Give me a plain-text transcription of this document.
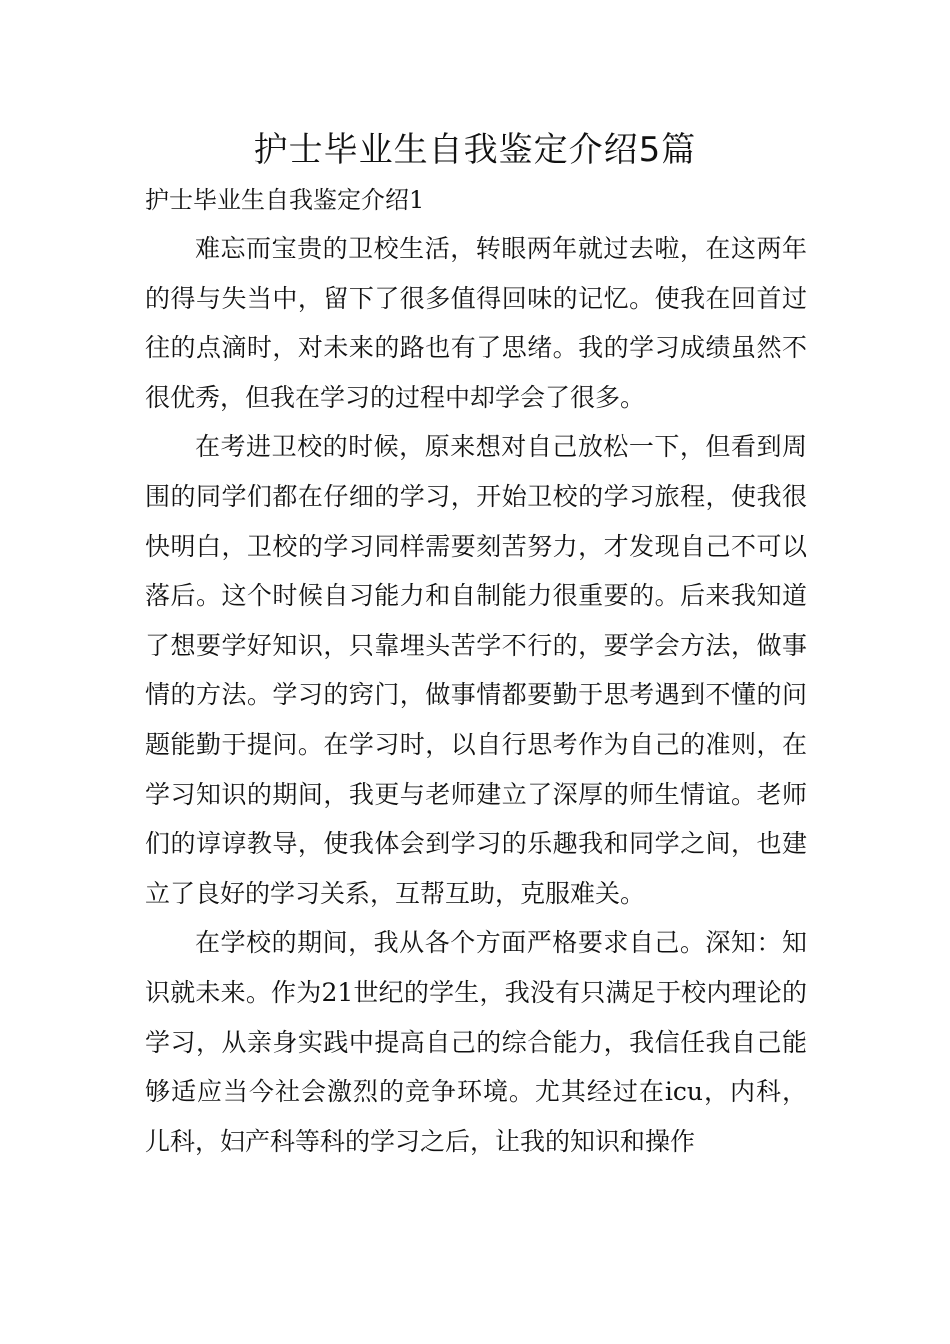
护士毕业生自我鉴定介绍5篇

护士毕业生自我鉴定介绍1

难忘而宝贵的卫校生活，转眼两年就过去啦，在这两年的得与失当中，留下了很多值得回味的记忆。使我在回首过往的点滴时，对未来的路也有了思绪。我的学习成绩虽然不很优秀，但我在学习的过程中却学会了很多。

在考进卫校的时候，原来想对自己放松一下，但看到周围的同学们都在仔细的学习，开始卫校的学习旅程，使我很快明白，卫校的学习同样需要刻苦努力，才发现自己不可以落后。这个时候自习能力和自制能力很重要的。后来我知道了想要学好知识，只靠埋头苦学不行的，要学会方法，做事情的方法。学习的窍门，做事情都要勤于思考遇到不懂的问题能勤于提问。在学习时，以自行思考作为自己的准则，在学习知识的期间，我更与老师建立了深厚的师生情谊。老师们的谆谆教导，使我体会到学习的乐趣我和同学之间，也建立了良好的学习关系，互帮互助，克服难关。

在学校的期间，我从各个方面严格要求自己。深知：知识就未来。作为21世纪的学生，我没有只满足于校内理论的学习，从亲身实践中提高自己的综合能力，我信任我自己能够适应当今社会激烈的竞争环境。尤其经过在icu，内科，儿科，妇产科等科的学习之后，让我的知识和操作
